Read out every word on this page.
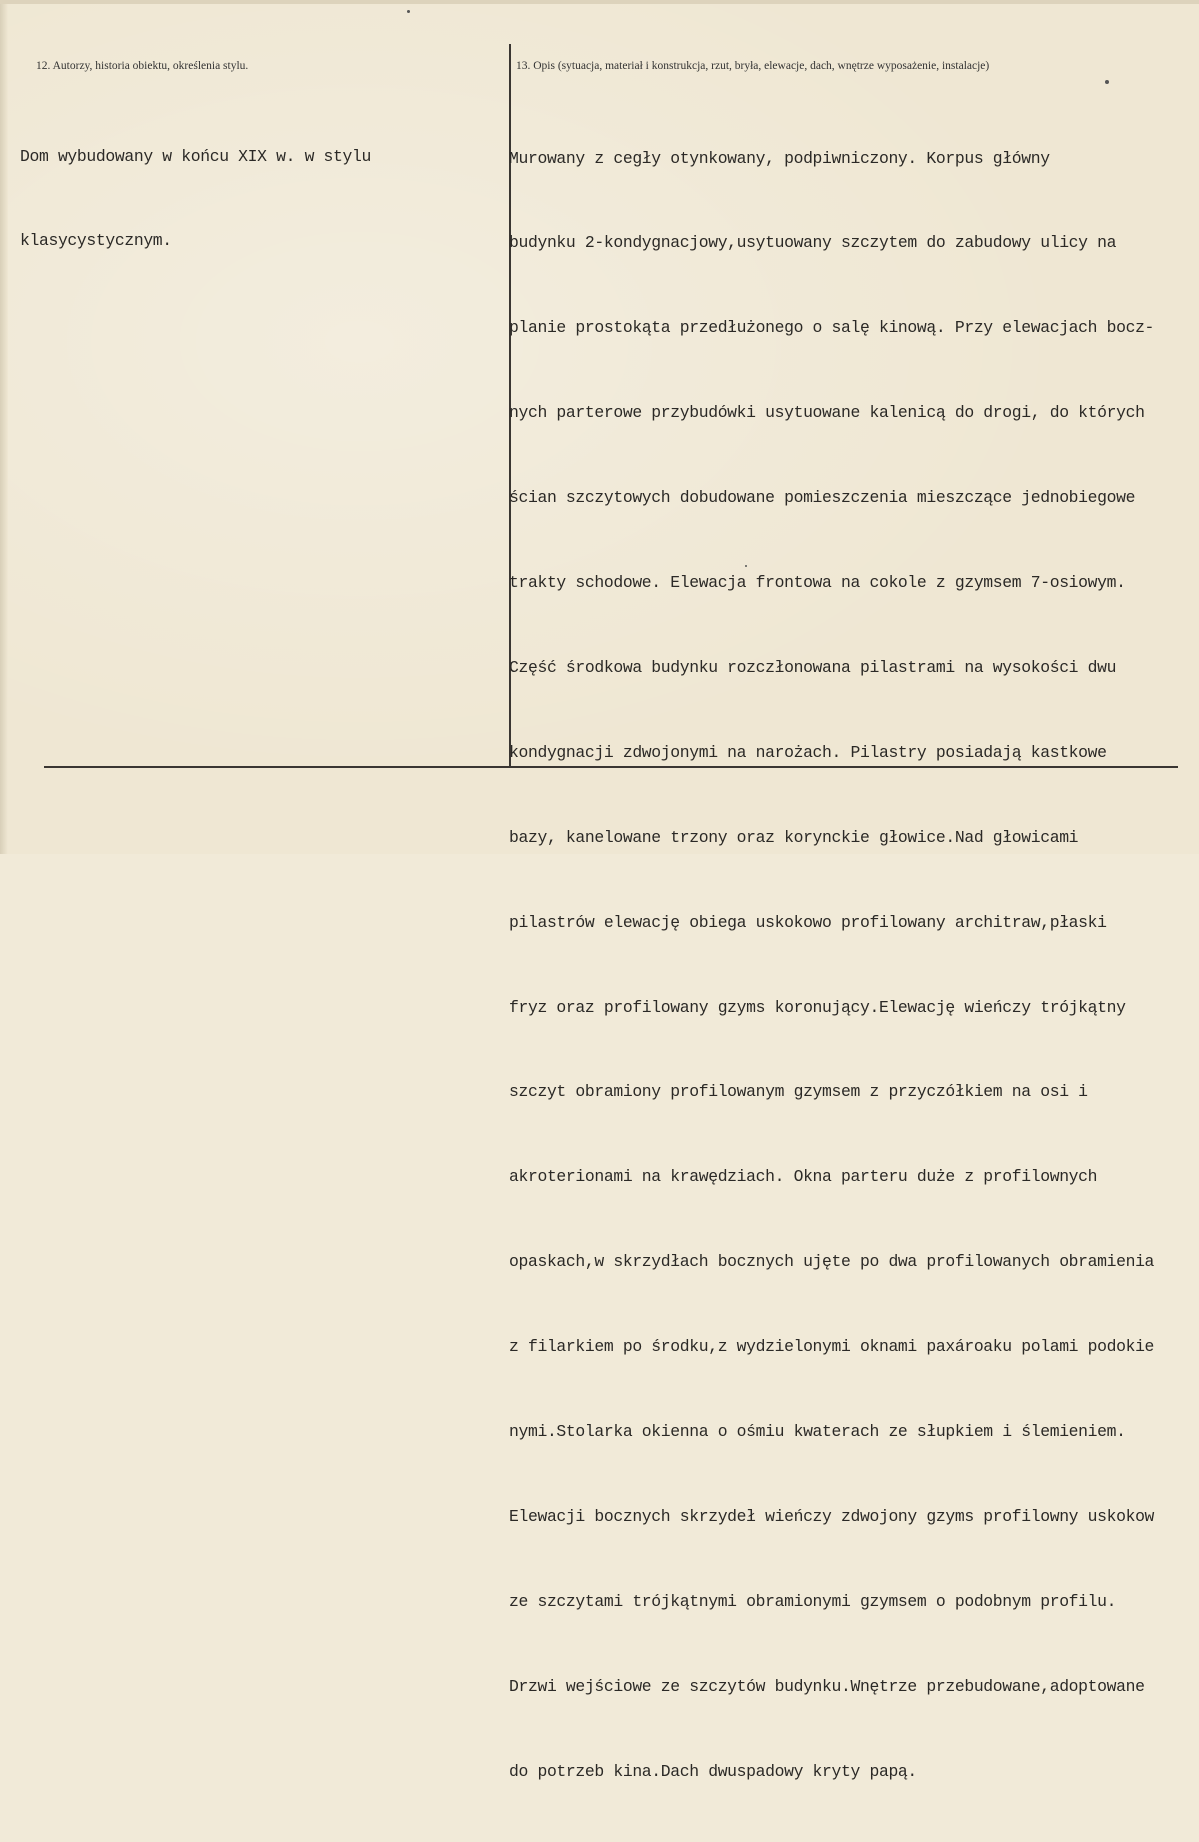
12. Autorzy, historia obiektu, określenia stylu.	13. Opis (sytuacja, materiał i konstrukcja, rzut, bryła, elewacje, dach, wnętrze wyposażenie, instalacje)

Dom wybudowany w końcu XIX w. w stylu

klasycystycznym.

Murowany z cegły otynkowany, podpiwniczony. Korpus główny

budynku 2-kondygnacjowy,usytuowany szczytem do zabudowy ulicy na

planie prostokąta przedłużonego o salę kinową. Przy elewacjach bocz-

nych parterowe przybudówki usytuowane kalenicą do drogi, do których

ścian szczytowych dobudowane pomieszczenia mieszczące jednobiegowe

trakty schodowe. Elewacja frontowa na cokole z gzymsem 7-osiowym.

Część środkowa budynku rozczłonowana pilastrami na wysokości dwu

kondygnacji zdwojonymi na narożach. Pilastry posiadają kastkowe

bazy, kanelowane trzony oraz korynckie głowice.Nad głowicami

pilastrów elewację obiega uskokowo profilowany architraw,płaski

fryz oraz profilowany gzyms koronujący.Elewację wieńczy trójkątny

szczyt obramiony profilowanym gzymsem z przyczółkiem na osi i

akroterionami na krawędziach. Okna parteru duże z profilownych

opaskach,w skrzydłach bocznych ujęte po dwa profilowanych obramienia

z filarkiem po środku,z wydzielonymi oknami paxároaku polami podokie

nymi.Stolarka okienna o ośmiu kwaterach ze słupkiem i ślemieniem.

Elewacji bocznych skrzydeł wieńczy zdwojony gzyms profilowny uskokow

ze szczytami trójkątnymi obramionymi gzymsem o podobnym profilu.

Drzwi wejściowe ze szczytów budynku.Wnętrze przebudowane,adoptowane

do potrzeb kina.Dach dwuspadowy kryty papą.
